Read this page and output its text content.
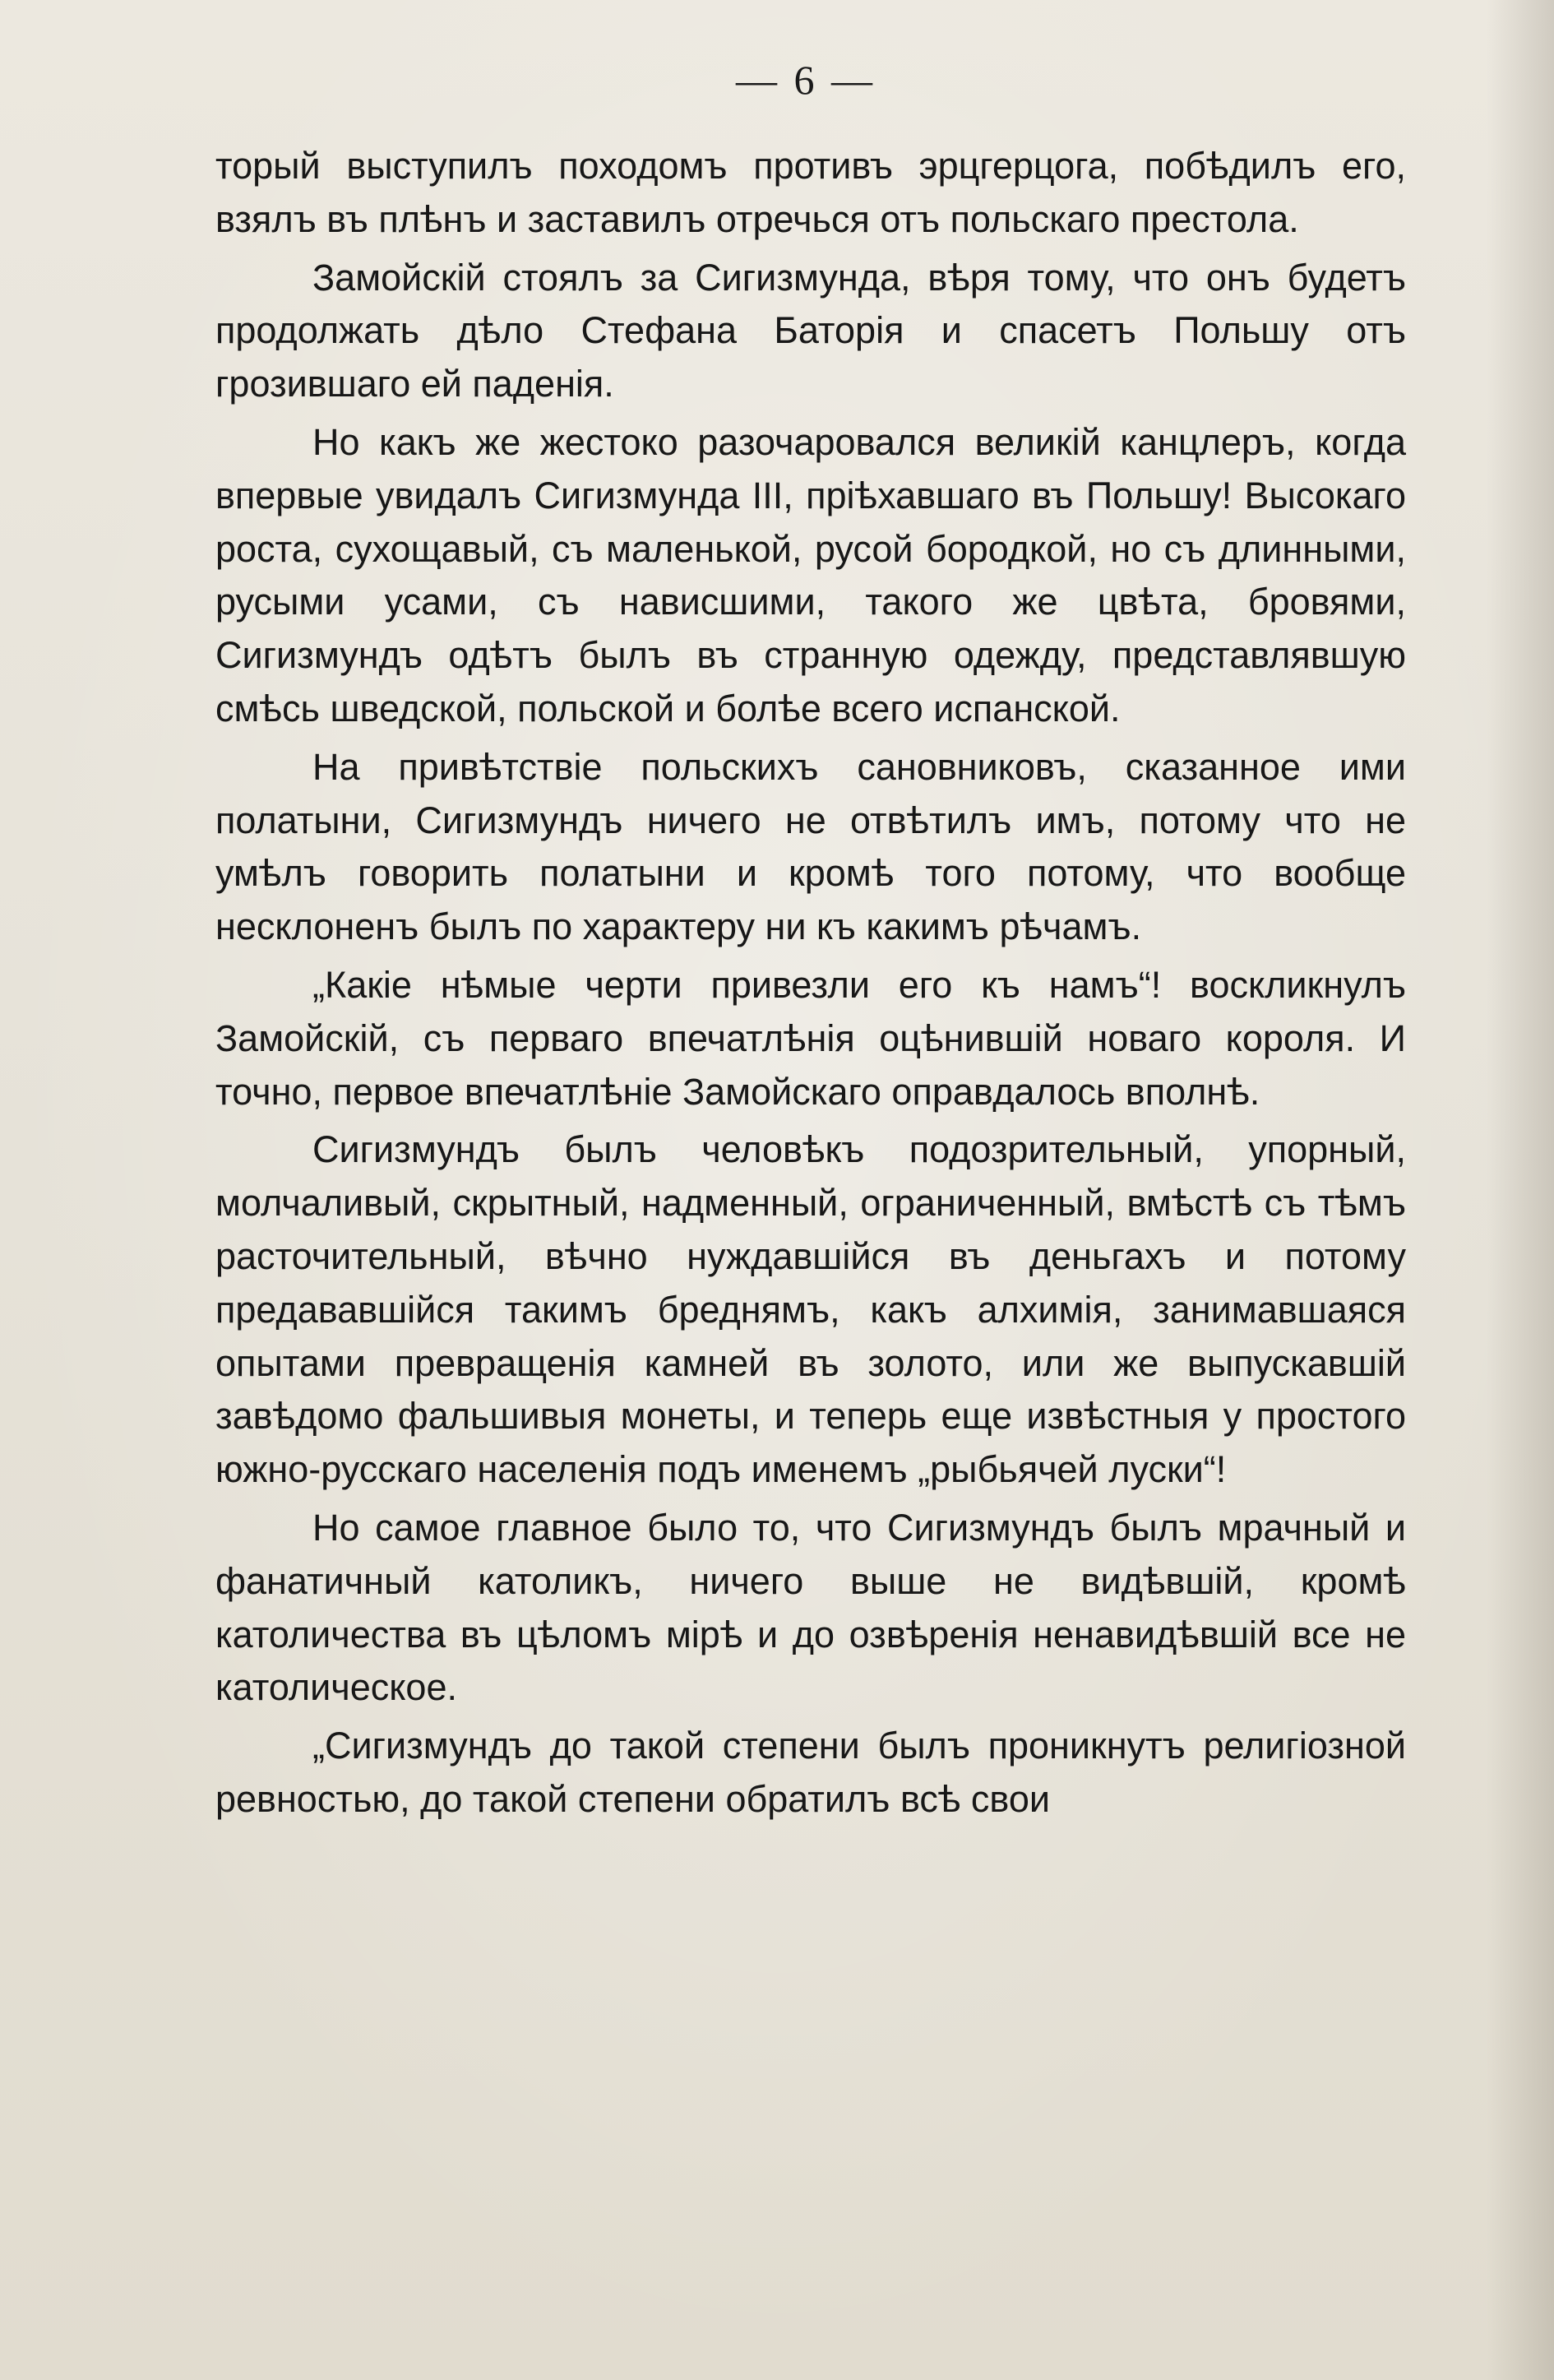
— 6 —

торый выступилъ походомъ противъ эрцгерцога, побѣдилъ его, взялъ въ плѣнъ и заставилъ отречься отъ польскаго престола.

Замойскій стоялъ за Сигизмунда, вѣря тому, что онъ будетъ продолжать дѣло Стефана Баторія и спасетъ Польшу отъ грозившаго ей паденія.

Но какъ же жестоко разочаровался великій канцлеръ, когда впервые увидалъ Сигизмунда III, пріѣхавшаго въ Польшу! Высокаго роста, сухощавый, съ маленькой, русой бородкой, но съ длинными, русыми усами, съ нависшими, такого же цвѣта, бровями, Сигизмундъ одѣтъ былъ въ странную одежду, представлявшую смѣсь шведской, польской и болѣе всего испанской.

На привѣтствіе польскихъ сановниковъ, сказанное ими полатыни, Сигизмундъ ничего не отвѣтилъ имъ, потому что не умѣлъ говорить полатыни и кромѣ того потому, что вообще несклоненъ былъ по характеру ни къ какимъ рѣчамъ.

„Какіе нѣмые черти привезли его къ намъ“! воскликнулъ Замойскій, съ перваго впечатлѣнія оцѣнившій новаго короля. И точно, первое впечатлѣніе Замойскаго оправдалось вполнѣ.

Сигизмундъ былъ человѣкъ подозрительный, упорный, молчаливый, скрытный, надменный, ограниченный, вмѣстѣ съ тѣмъ расточительный, вѣчно нуждавшійся въ деньгахъ и потому предававшійся такимъ бреднямъ, какъ алхимія, занимавшаяся опытами превращенія камней въ золото, или же выпускавшій завѣдомо фальшивыя монеты, и теперь еще извѣстныя у простого южно-русскаго населенія подъ именемъ „рыбьячей луски“!

Но самое главное было то, что Сигизмундъ былъ мрачный и фанатичный католикъ, ничего выше не видѣвшій, кромѣ католичества въ цѣломъ мірѣ и до озвѣренія ненавидѣвшій все не католическое.

„Сигизмундъ до такой степени былъ проникнутъ религіозной ревностью, до такой степени обратилъ всѣ свои
